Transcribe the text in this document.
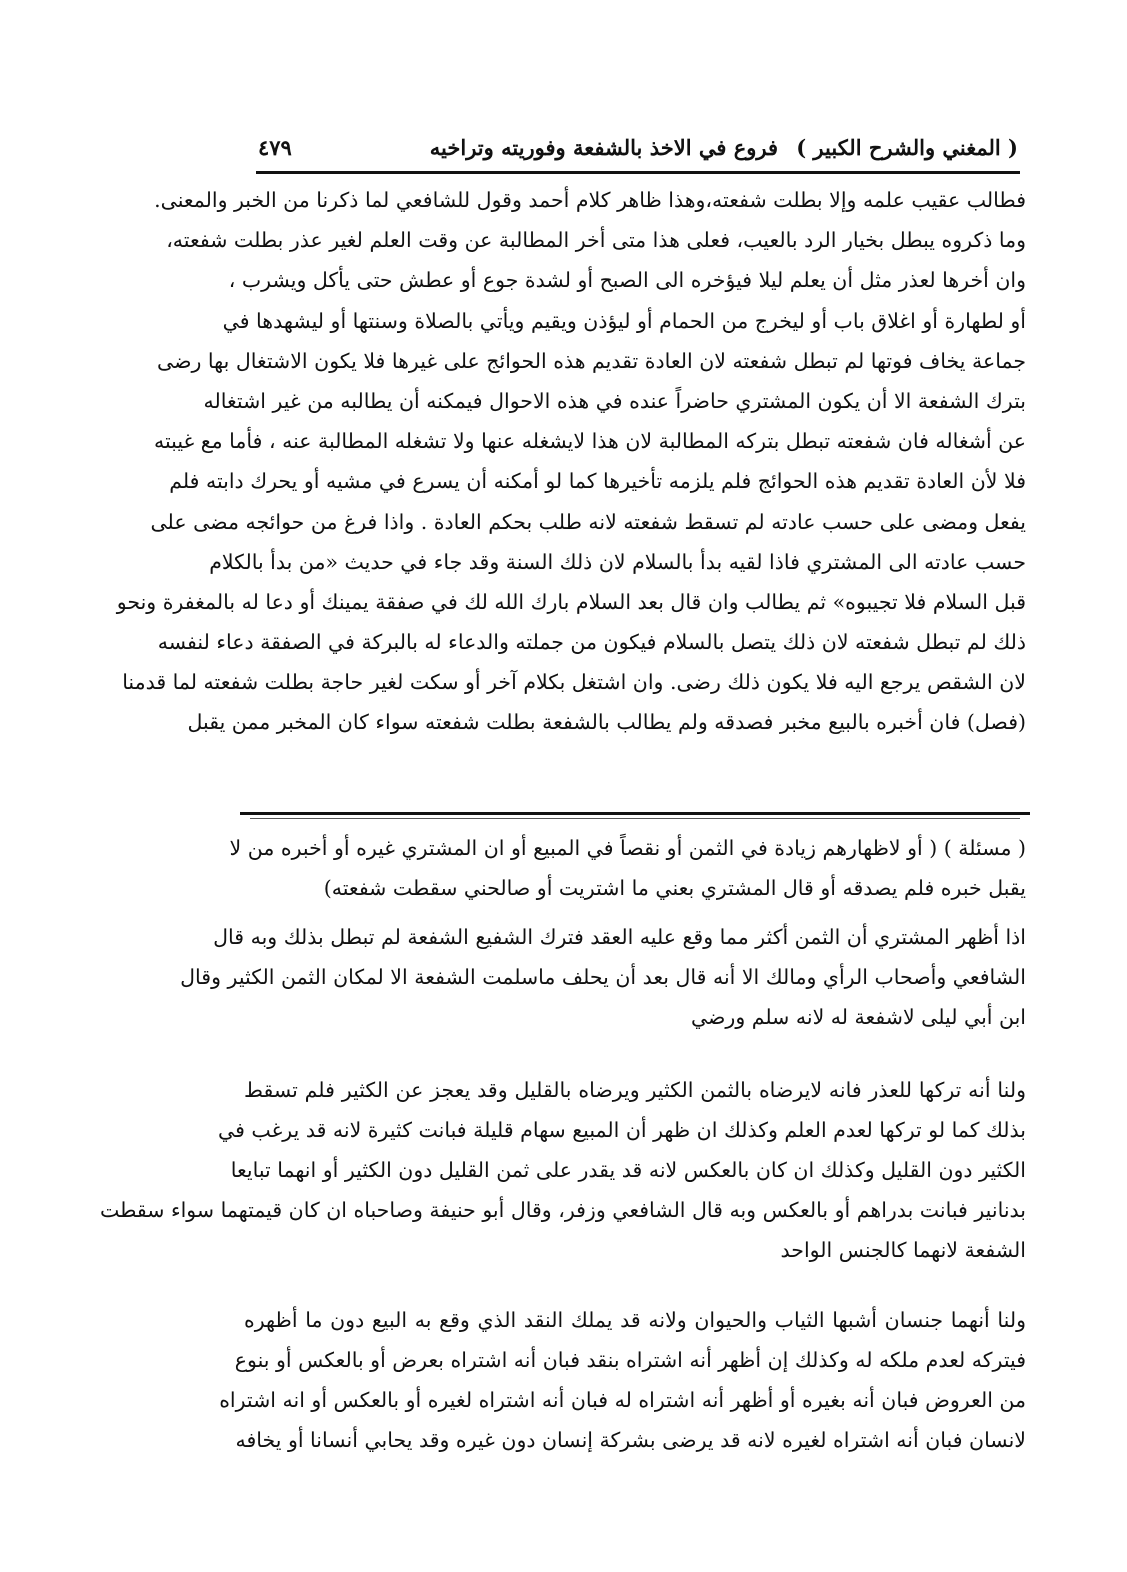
( المغني والشرح الكبير )
فروع في الاخذ بالشفعة وفوريته وتراخيه
٤٧٩
فطالب عقيب علمه وإلا بطلت شفعته،وهذا ظاهر كلام أحمد وقول للشافعي لما ذكرنا من الخبر والمعنى.
وما ذكروه يبطل بخيار الرد بالعيب، فعلى هذا متى أخر المطالبة عن وقت العلم لغير عذر بطلت شفعته،
وان أخرها لعذر مثل أن يعلم ليلا فيؤخره الى الصبح أو لشدة جوع أو عطش حتى يأكل ويشرب ،
أو لطهارة أو اغلاق باب أو ليخرج من الحمام أو ليؤذن ويقيم ويأتي بالصلاة وسنتها أو ليشهدها في
جماعة يخاف فوتها لم تبطل شفعته لان العادة تقديم هذه الحوائج على غيرها فلا يكون الاشتغال بها رضى
بترك الشفعة الا أن يكون المشتري حاضراً عنده في هذه الاحوال فيمكنه أن يطالبه من غير اشتغاله
عن أشغاله فان شفعته تبطل بتركه المطالبة لان هذا لايشغله عنها ولا تشغله المطالبة عنه ، فأما مع غيبته
فلا لأن العادة تقديم هذه الحوائج فلم يلزمه تأخيرها كما لو أمكنه أن يسرع في مشيه أو يحرك دابته فلم
يفعل ومضى على حسب عادته لم تسقط شفعته لانه طلب بحكم العادة . واذا فرغ من حوائجه مضى على
حسب عادته الى المشتري فاذا لقيه بدأ بالسلام لان ذلك السنة وقد جاء في حديث «من بدأ بالكلام
قبل السلام فلا تجيبوه» ثم يطالب وان قال بعد السلام بارك الله لك في صفقة يمينك أو دعا له بالمغفرة ونحو
ذلك لم تبطل شفعته لان ذلك يتصل بالسلام فيكون من جملته والدعاء له بالبركة في الصفقة دعاء لنفسه
لان الشقص يرجع اليه فلا يكون ذلك رضى. وان اشتغل بكلام آخر أو سكت لغير حاجة بطلت شفعته لما قدمنا
(فصل) فان أخبره بالبيع مخبر فصدقه ولم يطالب بالشفعة بطلت شفعته سواء كان المخبر ممن يقبل
( مسئلة ) ( أو لاظهارهم زيادة في الثمن أو نقصاً في المبيع أو ان المشتري غيره أو أخبره من لا
يقبل خبره فلم يصدقه أو قال المشتري بعني ما اشتريت أو صالحني سقطت شفعته)
اذا أظهر المشتري أن الثمن أكثر مما وقع عليه العقد فترك الشفيع الشفعة لم تبطل بذلك وبه قال
الشافعي وأصحاب الرأي ومالك الا أنه قال بعد أن يحلف ماسلمت الشفعة الا لمكان الثمن الكثير وقال
ابن أبي ليلى لاشفعة له لانه سلم ورضي
ولنا أنه تركها للعذر فانه لايرضاه بالثمن الكثير ويرضاه بالقليل وقد يعجز عن الكثير فلم تسقط
بذلك كما لو تركها لعدم العلم وكذلك ان ظهر أن المبيع سهام قليلة فبانت كثيرة لانه قد يرغب في
الكثير دون القليل وكذلك ان كان بالعكس لانه قد يقدر على ثمن القليل دون الكثير أو انهما تبايعا
بدنانير فبانت بدراهم أو بالعكس وبه قال الشافعي وزفر، وقال أبو حنيفة وصاحباه ان كان قيمتهما سواء سقطت
الشفعة لانهما كالجنس الواحد
ولنا أنهما جنسان أشبها الثياب والحيوان ولانه قد يملك النقد الذي وقع به البيع دون ما أظهره
فيتركه لعدم ملكه له وكذلك إن أظهر أنه اشتراه بنقد فبان أنه اشتراه بعرض أو بالعكس أو بنوع
من العروض فبان أنه بغيره أو أظهر أنه اشتراه له فبان أنه اشتراه لغيره أو بالعكس أو انه اشتراه
لانسان فبان أنه اشتراه لغيره لانه قد يرضى بشركة إنسان دون غيره وقد يحابي أنسانا أو يخافه
